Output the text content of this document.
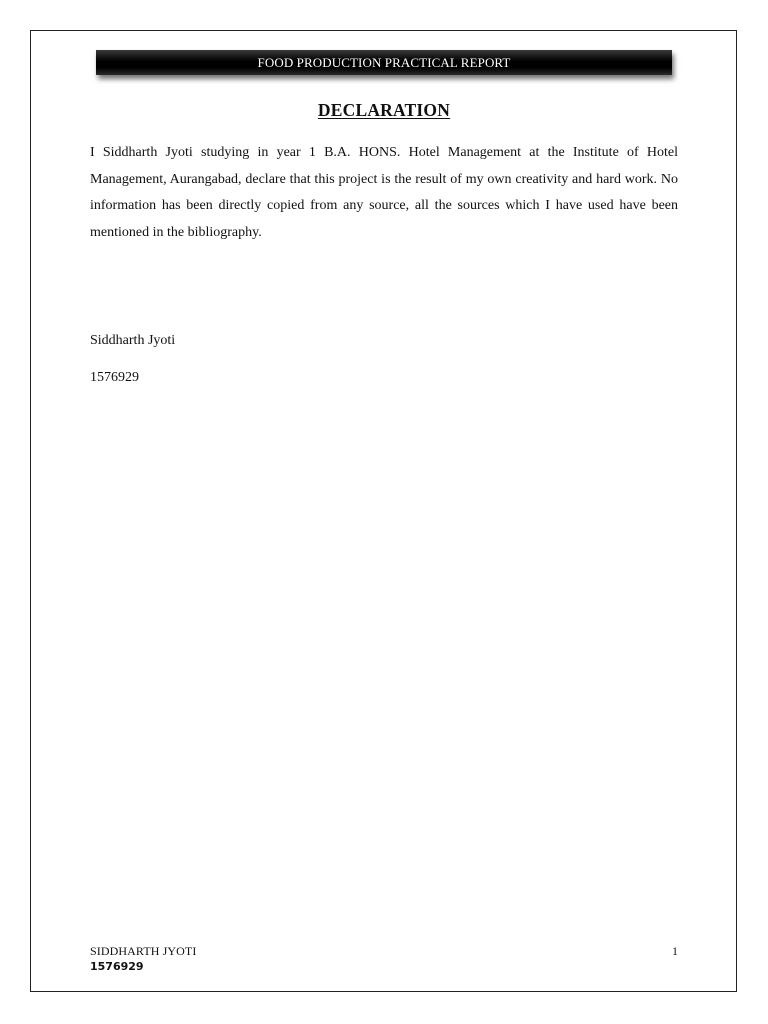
FOOD PRODUCTION PRACTICAL REPORT
DECLARATION

I Siddharth Jyoti studying in year 1 B.A. HONS. Hotel Management at the Institute of Hotel Management, Aurangabad, declare that this project is the result of my own creativity and hard work. No information has been directly copied from any source, all the sources which I have used have been mentioned in the bibliography.

Siddharth Jyoti
1576929
SIDDHARTH JYOTI
1576929
1
